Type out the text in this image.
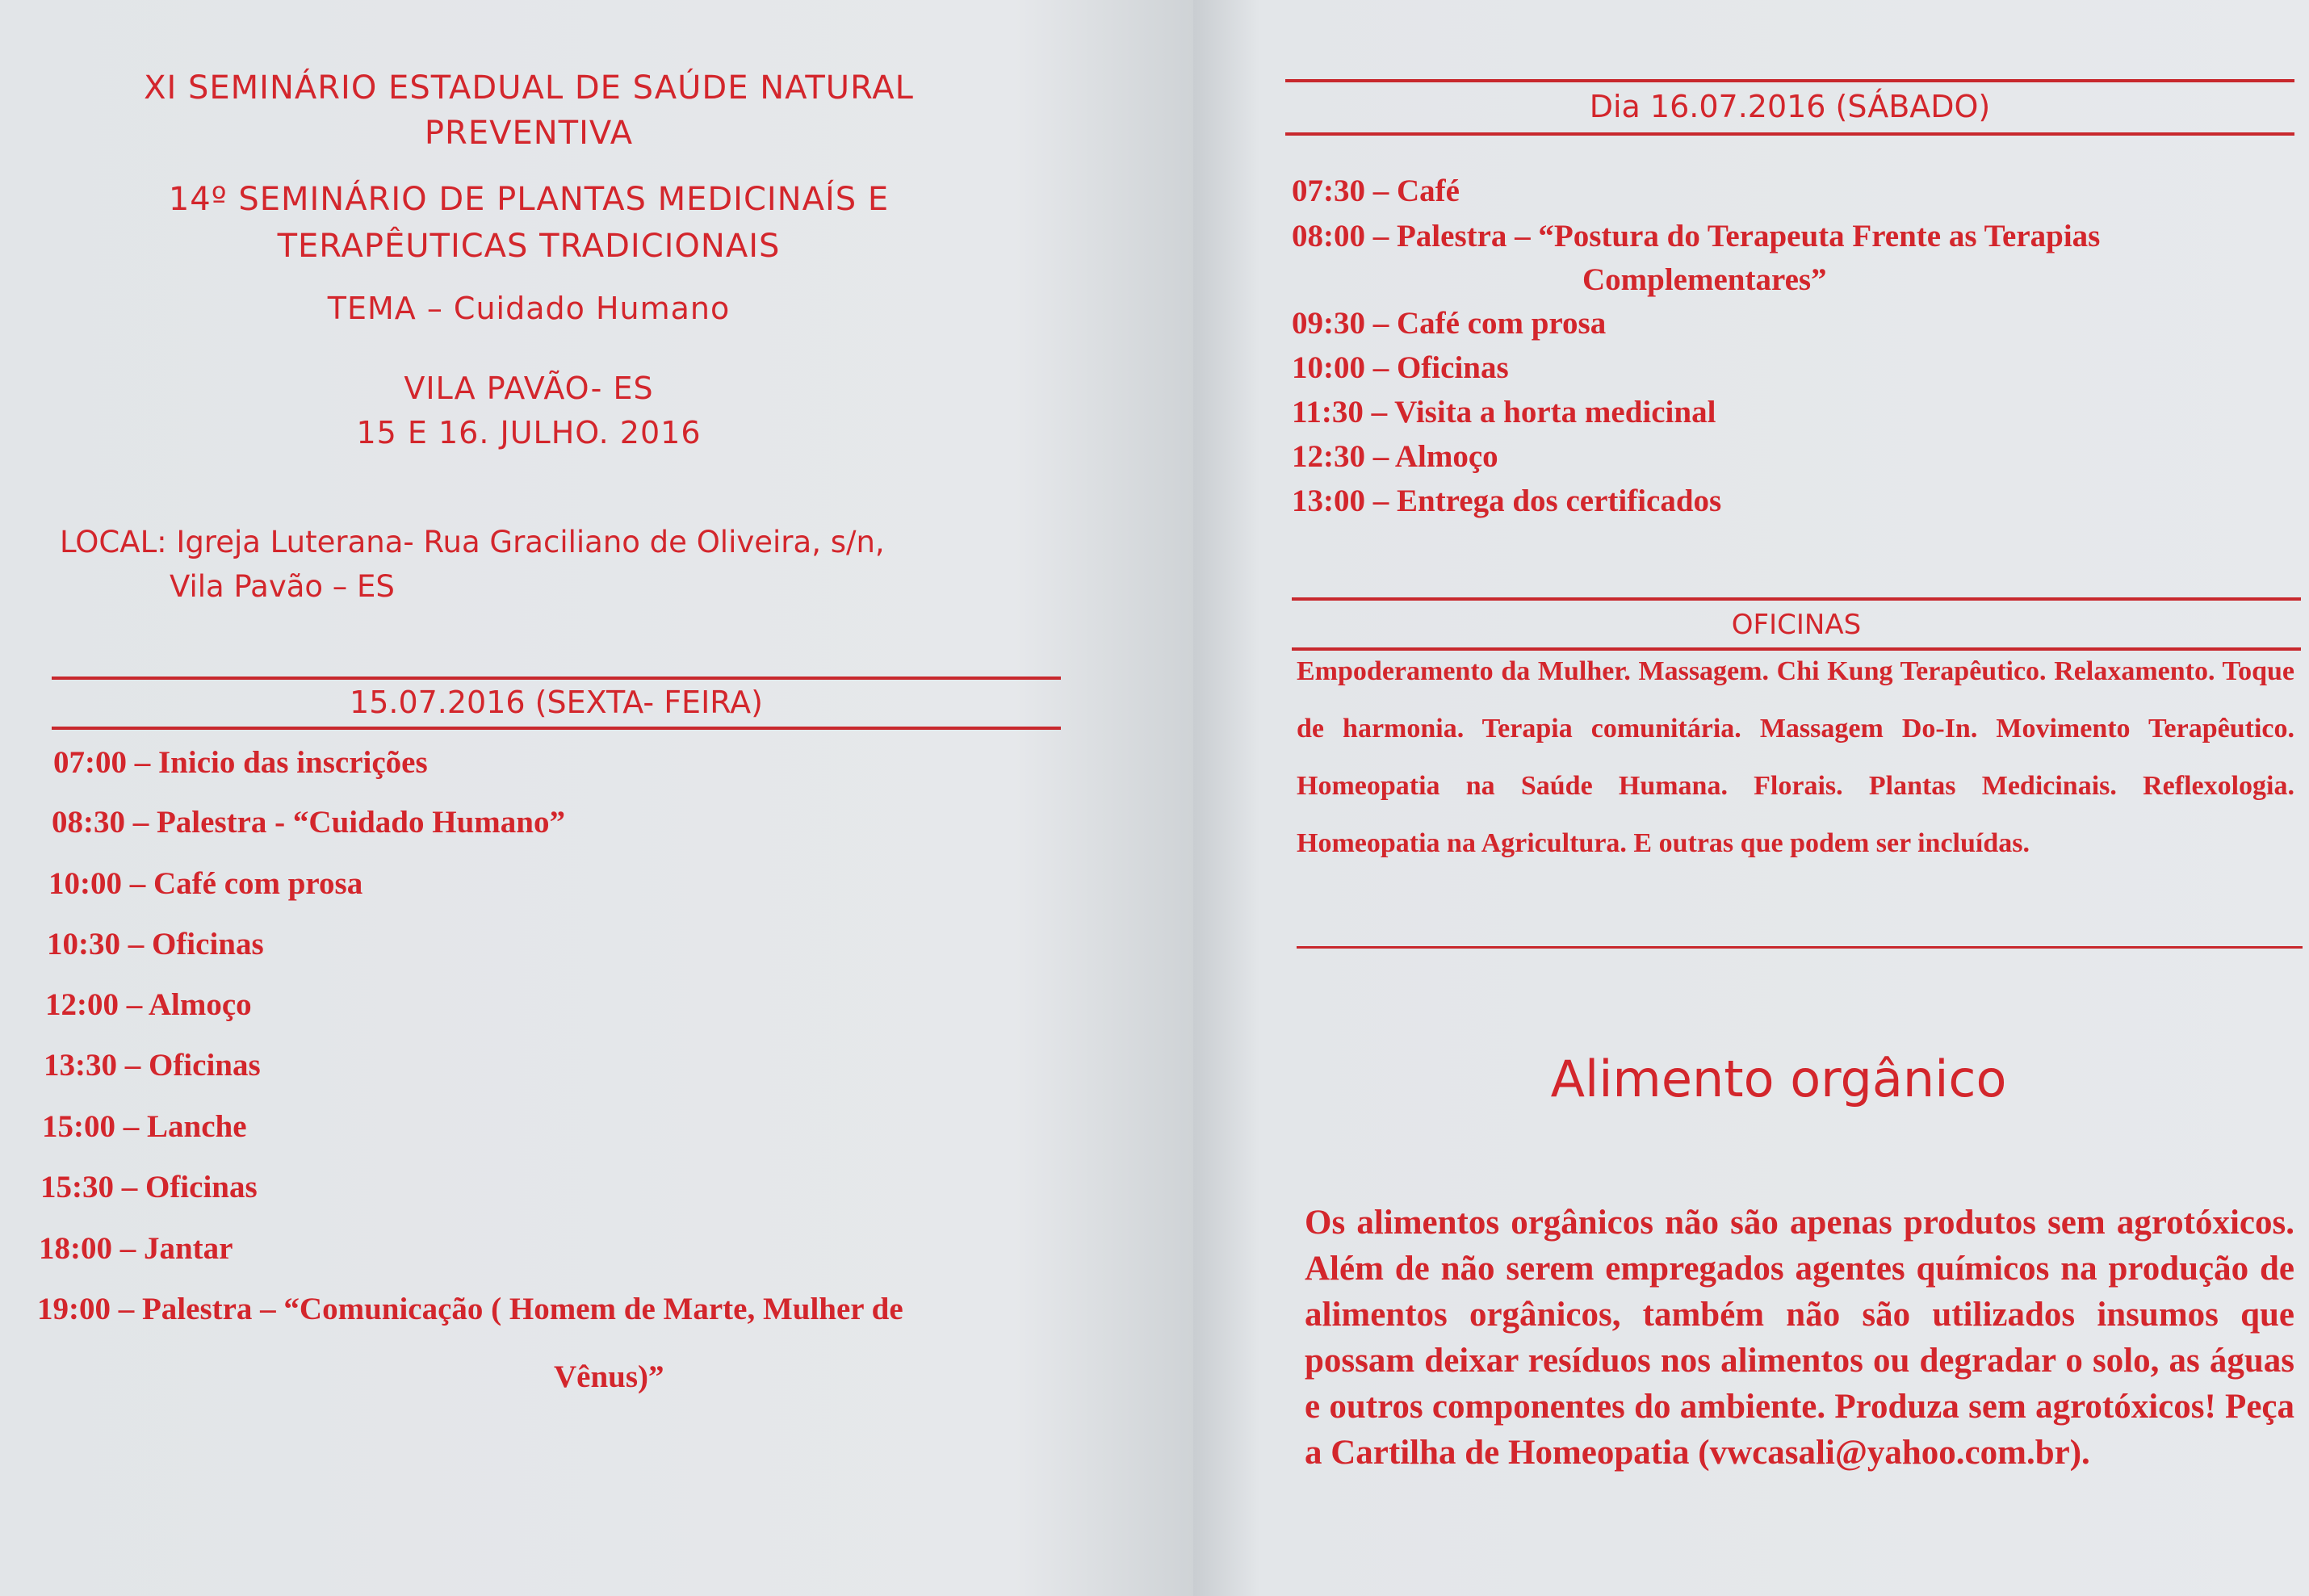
XI SEMINÁRIO ESTADUAL DE SAÚDE NATURAL
PREVENTIVA
14º SEMINÁRIO DE PLANTAS MEDICINAÍS E
TERAPÊUTICAS TRADICIONAIS
TEMA – Cuidado Humano
VILA PAVÃO- ES
15 E 16. JULHO. 2016
LOCAL: Igreja Luterana- Rua Graciliano de Oliveira, s/n,
Vila Pavão – ES
15.07.2016 (SEXTA- FEIRA)
07:00 – Inicio das inscrições
08:30 – Palestra - “Cuidado Humano”
10:00 – Café com prosa
10:30 – Oficinas
12:00 – Almoço
13:30 – Oficinas
15:00 – Lanche
15:30 – Oficinas
18:00 – Jantar
19:00 – Palestra – “Comunicação ( Homem de Marte, Mulher de
Vênus)”
Dia 16.07.2016 (SÁBADO)
07:30 – Café
08:00 – Palestra – “Postura do Terapeuta Frente as Terapias
Complementares”
09:30 – Café com prosa
10:00 – Oficinas
11:30 – Visita a horta medicinal
12:30 – Almoço
13:00 – Entrega dos certificados
OFICINAS
Empoderamento da Mulher. Massagem. Chi Kung Terapêutico. Relaxamento. Toque de harmonia. Terapia comunitária. Massagem Do-In. Movimento Terapêutico. Homeopatia na Saúde Humana. Florais. Plantas Medicinais. Reflexologia. Homeopatia na Agricultura. E outras que podem ser incluídas.
Alimento orgânico
Os alimentos orgânicos não são apenas produtos sem agrotóxicos. Além de não serem empregados agentes químicos na produção de alimentos orgânicos, também não são utilizados insumos que possam deixar resíduos nos alimentos ou degradar o solo, as águas e outros componentes do ambiente. Produza sem agrotóxicos! Peça a Cartilha de Homeopatia (vwcasali@yahoo.com.br).
